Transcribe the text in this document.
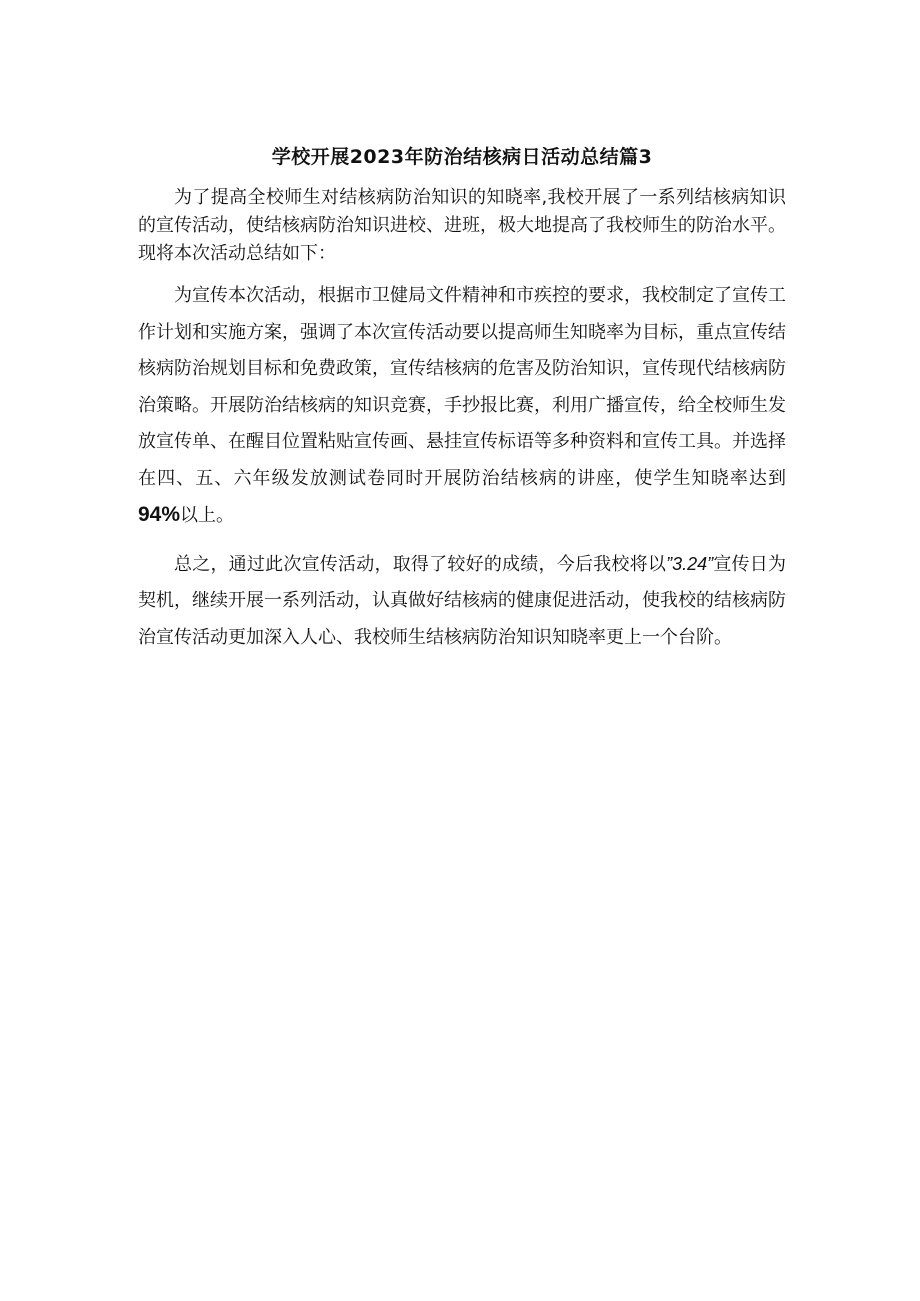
学校开展2023年防治结核病日活动总结篇3

为了提高全校师生对结核病防治知识的知晓率,我校开展了一系列结核病知识的宣传活动，使结核病防治知识进校、进班，极大地提高了我校师生的防治水平。现将本次活动总结如下：

为宣传本次活动，根据市卫健局文件精神和市疾控的要求，我校制定了宣传工作计划和实施方案，强调了本次宣传活动要以提高师生知晓率为目标，重点宣传结核病防治规划目标和免费政策，宣传结核病的危害及防治知识，宣传现代结核病防治策略。开展防治结核病的知识竞赛，手抄报比赛，利用广播宣传，给全校师生发放宣传单、在醒目位置粘贴宣传画、悬挂宣传标语等多种资料和宣传工具。并选择在四、五、六年级发放测试卷同时开展防治结核病的讲座，使学生知晓率达到94%以上。

总之，通过此次宣传活动，取得了较好的成绩，今后我校将以”3.24”宣传日为契机，继续开展一系列活动，认真做好结核病的健康促进活动，使我校的结核病防治宣传活动更加深入人心、我校师生结核病防治知识知晓率更上一个台阶。
